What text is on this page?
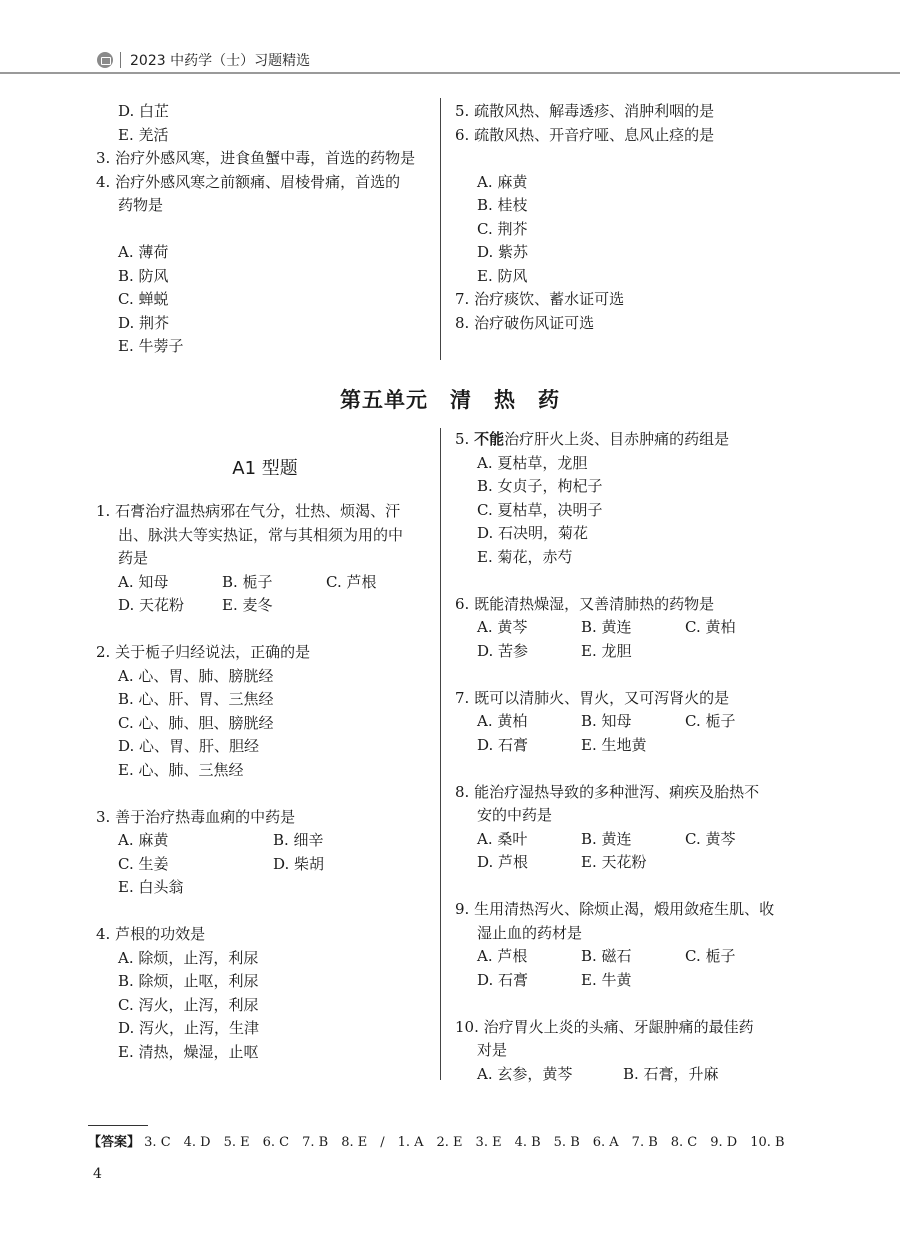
2023 中药学（士）习题精选
D. 白芷
E. 羌活
3. 治疗外感风寒，进食鱼蟹中毒，首选的药物是
4. 治疗外感风寒之前额痛、眉棱骨痛，首选的
药物是
A. 薄荷
B. 防风
C. 蝉蜕
D. 荆芥
E. 牛蒡子
5. 疏散风热、解毒透疹、消肿利咽的是
6. 疏散风热、开音疗哑、息风止痉的是
A. 麻黄
B. 桂枝
C. 荆芥
D. 紫苏
E. 防风
7. 治疗痰饮、蓄水证可选
8. 治疗破伤风证可选
第五单元　清　热　药
A1 型题
1. 石膏治疗温热病邪在气分，壮热、烦渴、汗
出、脉洪大等实热证，常与其相须为用的中
药是
A. 知母	B. 栀子	C. 芦根
D. 天花粉	E. 麦冬
2. 关于栀子归经说法，正确的是
A. 心、胃、肺、膀胱经
B. 心、肝、胃、三焦经
C. 心、肺、胆、膀胱经
D. 心、胃、肝、胆经
E. 心、肺、三焦经
3. 善于治疗热毒血痢的中药是
A. 麻黄	B. 细辛
C. 生姜	D. 柴胡
E. 白头翁
4. 芦根的功效是
A. 除烦，止泻，利尿
B. 除烦，止呕，利尿
C. 泻火，止泻，利尿
D. 泻火，止泻，生津
E. 清热，燥湿，止呕
5. 不能治疗肝火上炎、目赤肿痛的药组是
A. 夏枯草，龙胆
B. 女贞子，枸杞子
C. 夏枯草，决明子
D. 石决明，菊花
E. 菊花，赤芍
6. 既能清热燥湿，又善清肺热的药物是
A. 黄芩	B. 黄连	C. 黄柏
D. 苦参	E. 龙胆
7. 既可以清肺火、胃火，又可泻肾火的是
A. 黄柏	B. 知母	C. 栀子
D. 石膏	E. 生地黄
8. 能治疗湿热导致的多种泄泻、痢疾及胎热不
安的中药是
A. 桑叶	B. 黄连	C. 黄芩
D. 芦根	E. 天花粉
9. 生用清热泻火、除烦止渴，煅用敛疮生肌、收
湿止血的药材是
A. 芦根	B. 磁石	C. 栀子
D. 石膏	E. 牛黄
10. 治疗胃火上炎的头痛、牙龈肿痛的最佳药
对是
A. 玄参，黄芩	B. 石膏，升麻
【答案】 3. C　4. D　5. E　6. C　7. B　8. E　/　1. A　2. E　3. E　4. B　5. B　6. A　7. B　8. C　9. D　10. B
4
